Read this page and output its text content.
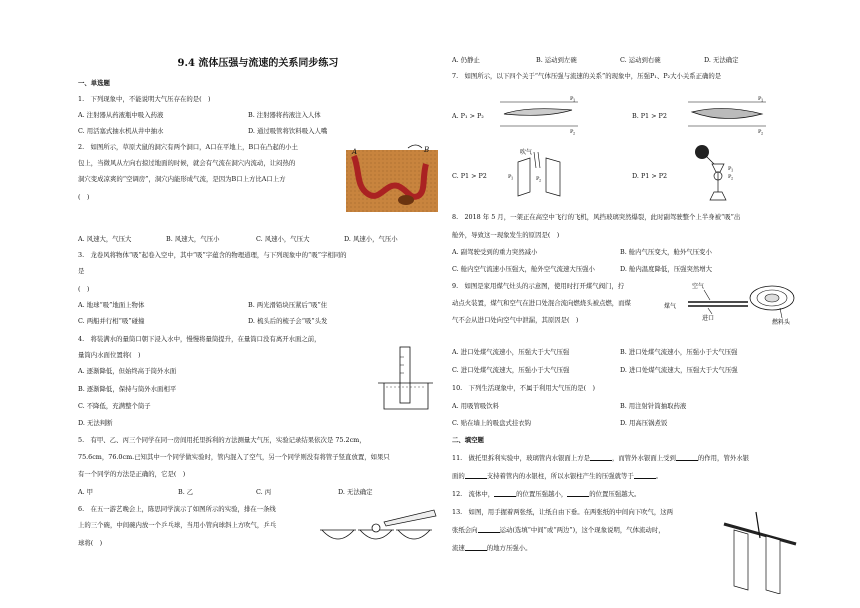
9.4 流体压强与流速的关系同步练习
一、单选题
1.　下列现象中，不能说明大气压存在的是(　)
A. 注射器从药液瓶中吸入药液	B. 注射器将药液注入人体
C. 用活塞式抽水机从井中抽水	D. 通过吸管将饮料吸入人嘴
2.　如图所示，草原犬鼠的洞穴有两个洞口，A口在平地上，B口在凸起的小土
包上，当微风从左向右掠过地面的时候，就会有气流在洞穴内流动，让闷热的
洞穴变成凉爽的“空调房”，洞穴内能形成气流，是因为B口上方比A口上方
(　)
A	B
A. 风速大，气压大	B. 风速大，气压小	C. 风速小，气压大	D. 风速小，气压小
3.　龙卷风将物体“吸”起卷入空中，其中“吸”字蕴含的物理道理，与下列现象中的“吸”字相同的
是
(　)
A. 地球“吸”地面上物体	B. 两光滑铅块压紧后“吸”住
C. 两船并行相“吸”碰撞	D. 梳头后的梳子会“吸”头发
4.　将装满水的量筒口朝下浸入水中，慢慢将量筒提升，在量筒口没有离开水面之前，
量筒内水面位置将(　)
A. 逐渐降低，但始终高于筒外水面
B. 逐渐降低，保持与筒外水面相平
C. 不降低，充满整个筒子
D. 无法判断
5.　有甲、乙、丙三个同学在同一房间用托里拆利的方法测量大气压，实验记录结果依次是 75.2cm，
75.6cm，76.0cm.已知其中一个同学做实验时，管内混入了空气，另一个同学则没有将管子竖直放置，如果只
有一个同学的方法是正确的，它是(　)
A. 甲	B. 乙	C. 丙	D. 无法确定
6.　在五一游艺晚会上，陈思同学演示了如图所示的实验，排在一条线
上的三个碗，中间碗内放一个乒乓球，当用小管向球斜上方吹气，乒乓
球将(　)
A. 仍静止	B. 运动到左碗	C. 运动到右碗	D. 无法确定
7.　如图所示，以下四个关于“气体压强与流速的关系”的现象中，压强P₁、P₂大小关系正确的是
A. P₁ > P₂
P 1
P 2
B. P1 > P2
P 1
P 2
C. P1 > P2
吹气
P 1	P 2
D. P1 > P2	P 2
P 1
8.　2018 年 5 月，一架正在高空中飞行的飞机，风挡玻璃突然爆裂，此时副驾驶整个上半身被“吸”出
舱外，导致这一现象发生的原因是(　)
A. 副驾驶受到的重力突然减小	B. 舱内气压变大，舱外气压变小
C. 舱内空气流速小压强大，舱外空气流速大压强小	D. 舱内温度降低，压强突然增大
9.　如图是家用煤气灶头的示意图，使用时打开煤气阀门，拧
动点火装置，煤气和空气在进口处混合流向燃烧头被点燃，而煤
气不会从进口处向空气中泄漏，其原因是(　)
煤气
空气
进口
燃料头
A. 进口处煤气流速小，压强大于大气压强	B. 进口处煤气流速小，压强小于大气压强
C. 进口处煤气流速大，压强小于大气压强	D. 进口处煤气流速大，压强大于大气压强
10.　下列生活现象中，不属于利用大气压的是(　)
A. 用吸管吸饮料	B. 用注射针筒抽取药液
C. 贴在墙上的吸盘式挂衣钩	D. 用高压锅煮饭
二、填空题
11.　做托里拆利实验中，玻璃管内水银面上方是	，而管外水银面上受到	的作用，管外水银
面的	支持着管内的水银柱，所以水银柱产生的压强就等于	。
12.　流体中，	的位置压强越小，	的位置压强越大。
13.　如图，用手握着两张纸，让纸自由下垂。在两张纸的中间向下吹气，这两
张纸会向	运动(选填“中间”或“两边”)，这个现象说明，气体流动时，
流速	的地方压强小。
